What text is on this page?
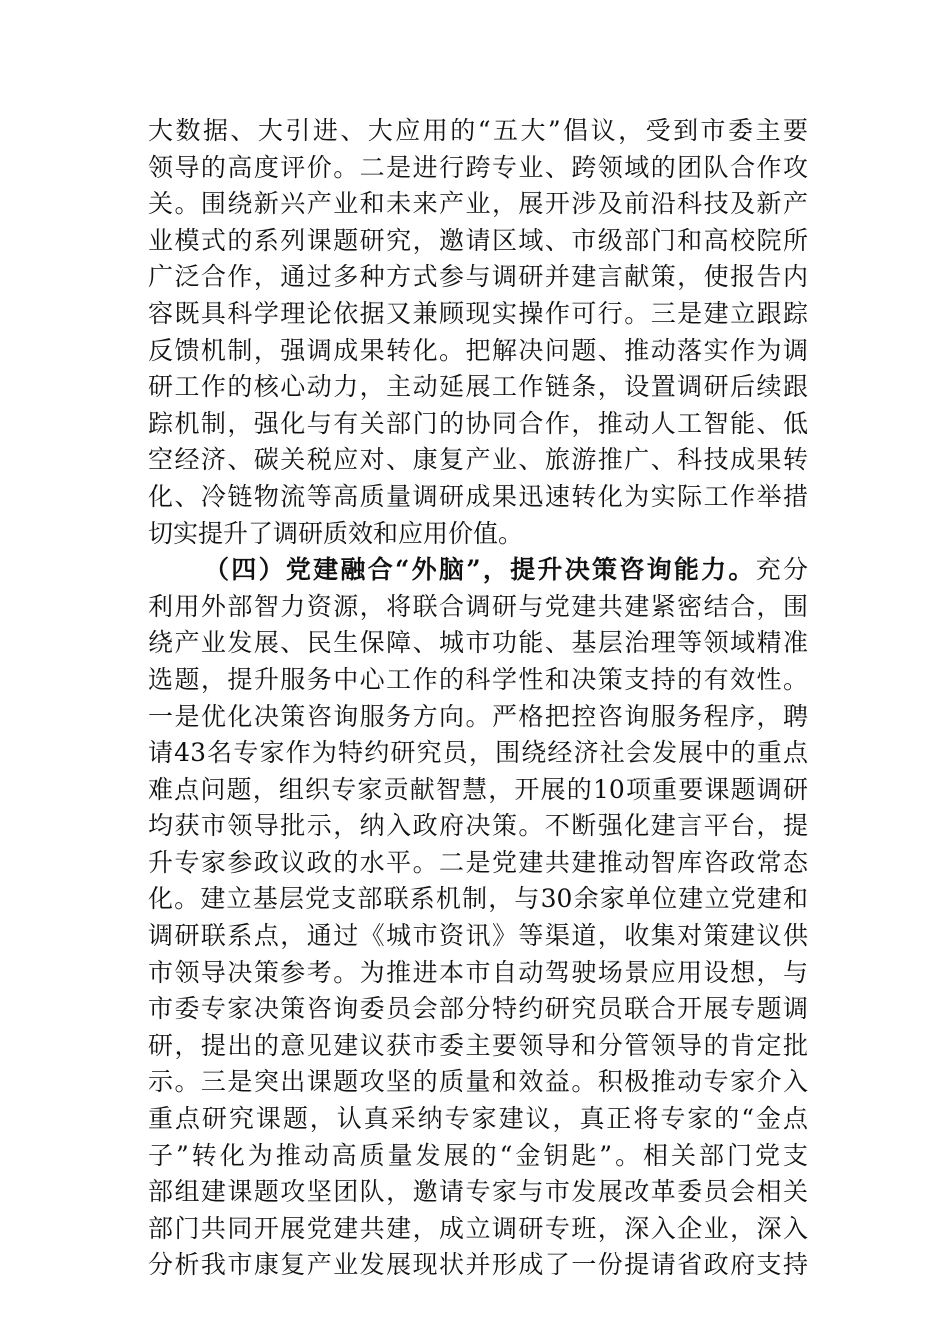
大数据、大引进、大应用的“五大”倡议，受到市委主要
领导的高度评价。二是进行跨专业、跨领域的团队合作攻
关。围绕新兴产业和未来产业，展开涉及前沿科技及新产
业模式的系列课题研究，邀请区域、市级部门和高校院所
广泛合作，通过多种方式参与调研并建言献策，使报告内
容既具科学理论依据又兼顾现实操作可行。三是建立跟踪
反馈机制，强调成果转化。把解决问题、推动落实作为调
研工作的核心动力，主动延展工作链条，设置调研后续跟
踪机制，强化与有关部门的协同合作，推动人工智能、低
空经济、碳关税应对、康复产业、旅游推广、科技成果转
化、冷链物流等高质量调研成果迅速转化为实际工作举措
切实提升了调研质效和应用价值。
（四）党建融合“外脑”，提升决策咨询能力。充分
利用外部智力资源，将联合调研与党建共建紧密结合，围
绕产业发展、民生保障、城市功能、基层治理等领域精准
选题，提升服务中心工作的科学性和决策支持的有效性。
一是优化决策咨询服务方向。严格把控咨询服务程序，聘
请43名专家作为特约研究员，围绕经济社会发展中的重点
难点问题，组织专家贡献智慧，开展的10项重要课题调研
均获市领导批示，纳入政府决策。不断强化建言平台，提
升专家参政议政的水平。二是党建共建推动智库咨政常态
化。建立基层党支部联系机制，与30余家单位建立党建和
调研联系点，通过《城市资讯》等渠道，收集对策建议供
市领导决策参考。为推进本市自动驾驶场景应用设想，与
市委专家决策咨询委员会部分特约研究员联合开展专题调
研，提出的意见建议获市委主要领导和分管领导的肯定批
示。三是突出课题攻坚的质量和效益。积极推动专家介入
重点研究课题，认真采纳专家建议，真正将专家的“金点
子”转化为推动高质量发展的“金钥匙”。相关部门党支
部组建课题攻坚团队，邀请专家与市发展改革委员会相关
部门共同开展党建共建，成立调研专班，深入企业，深入
分析我市康复产业发展现状并形成了一份提请省政府支持
